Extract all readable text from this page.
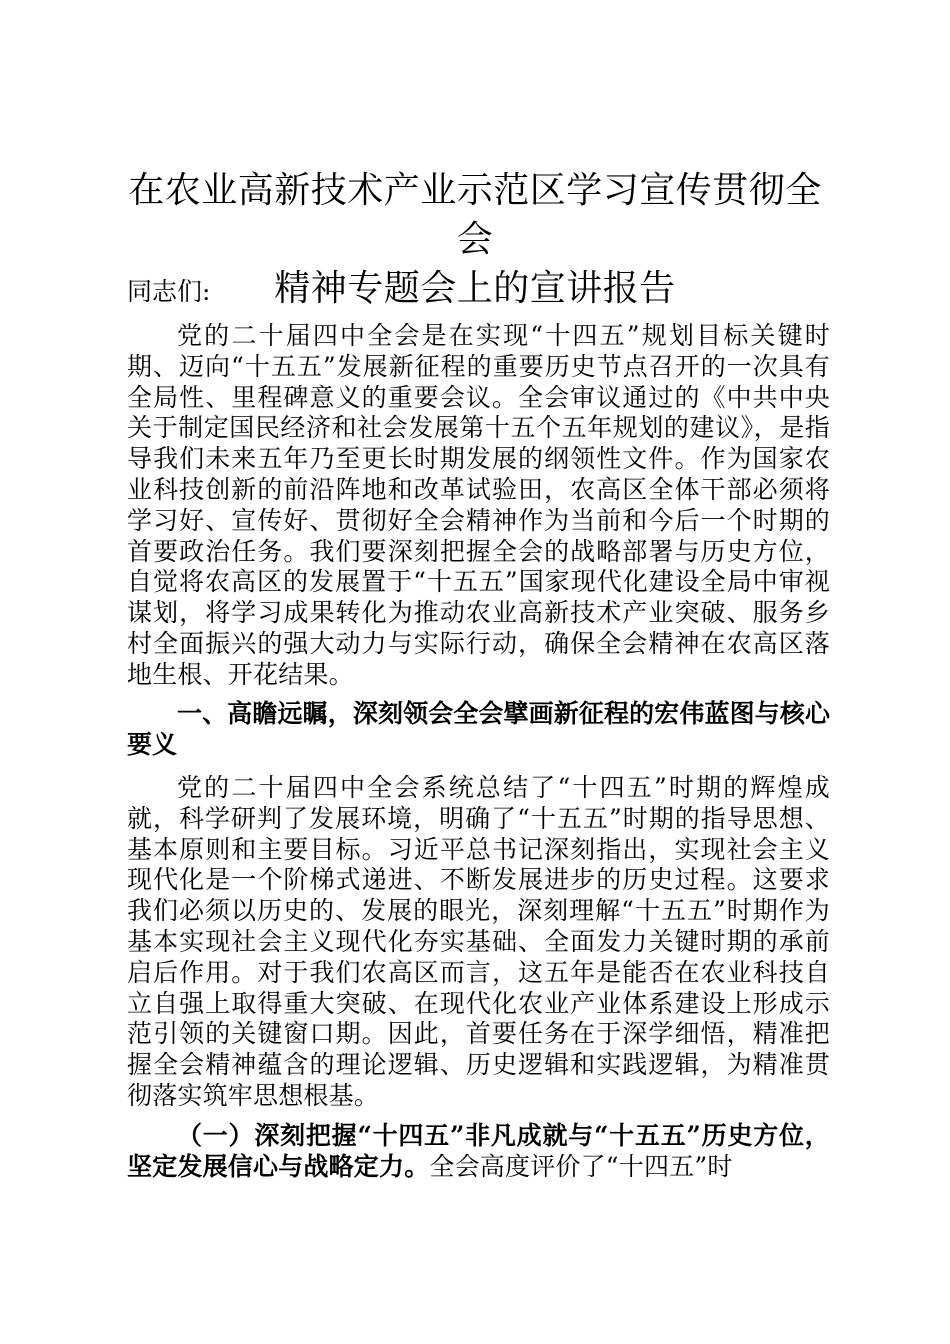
在农业高新技术产业示范区学习宣传贯彻全会
精神专题会上的宣讲报告

同志们:

党的二十届四中全会是在实现“十四五”规划目标关键时期、迈向“十五五”发展新征程的重要历史节点召开的一次具有全局性、里程碑意义的重要会议。全会审议通过的《中共中央关于制定国民经济和社会发展第十五个五年规划的建议》，是指导我们未来五年乃至更长时期发展的纲领性文件。作为国家农业科技创新的前沿阵地和改革试验田，农高区全体干部必须将学习好、宣传好、贯彻好全会精神作为当前和今后一个时期的首要政治任务。我们要深刻把握全会的战略部署与历史方位，自觉将农高区的发展置于“十五五”国家现代化建设全局中审视谋划，将学习成果转化为推动农业高新技术产业突破、服务乡村全面振兴的强大动力与实际行动，确保全会精神在农高区落地生根、开花结果。

一、高瞻远瞩，深刻领会全会擘画新征程的宏伟蓝图与核心要义

党的二十届四中全会系统总结了“十四五”时期的辉煌成就，科学研判了发展环境，明确了“十五五”时期的指导思想、基本原则和主要目标。习近平总书记深刻指出，实现社会主义现代化是一个阶梯式递进、不断发展进步的历史过程。这要求我们必须以历史的、发展的眼光，深刻理解“十五五”时期作为基本实现社会主义现代化夯实基础、全面发力关键时期的承前启后作用。对于我们农高区而言，这五年是能否在农业科技自立自强上取得重大突破、在现代化农业产业体系建设上形成示范引领的关键窗口期。因此，首要任务在于深学细悟，精准把握全会精神蕴含的理论逻辑、历史逻辑和实践逻辑，为精准贯彻落实筑牢思想根基。

（一）深刻把握“十四五”非凡成就与“十五五”历史方位，坚定发展信心与战略定力。全会高度评价了“十四五”时
